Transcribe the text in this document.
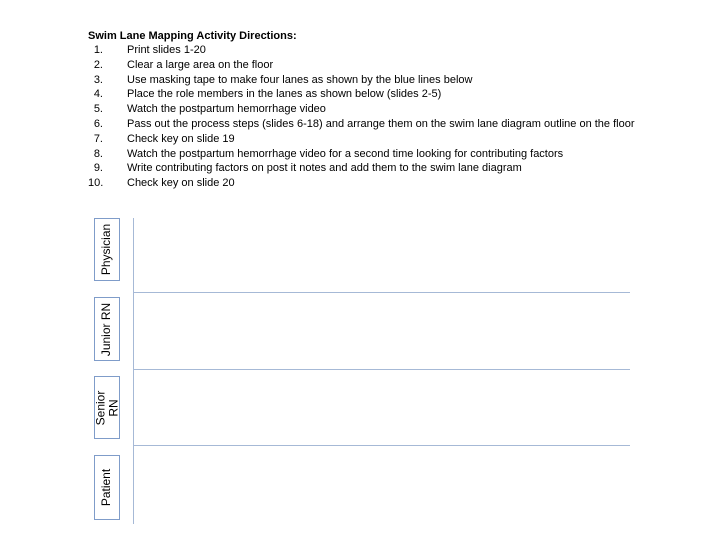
Swim Lane Mapping Activity Directions:

1.	Print slides 1-20
2.	Clear a large area on the floor
3.	Use masking tape to make four lanes as shown by the blue lines below
4.	Place the role members in the lanes as shown below (slides 2-5)
5.	Watch the postpartum hemorrhage video
6.	Pass out the process steps (slides 6-18) and arrange them on the swim lane diagram outline on the floor
7.	Check key on slide 19
8.	Watch the postpartum hemorrhage video for a second time looking for contributing factors
9.	Write contributing factors on post it notes and add them to the swim lane diagram
10.	Check key on slide 20
Physician
Junior RN
Senior RN
Patient
